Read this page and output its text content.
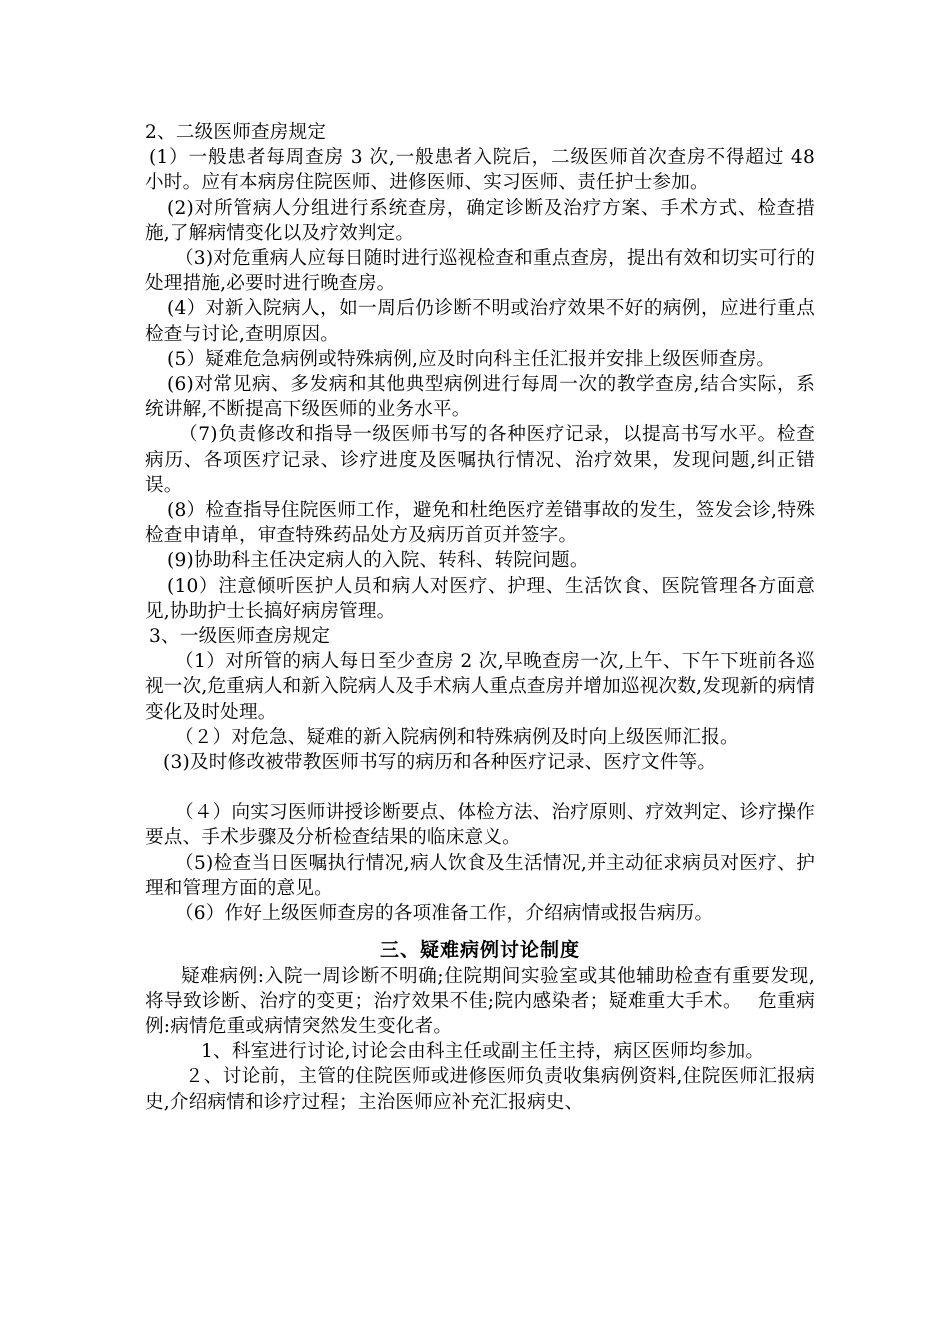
2、二级医师查房规定

(1）一般患者每周查房 3 次,一般患者入院后，二级医师首次查房不得超过 48 小时。应有本病房住院医师、进修医师、实习医师、责任护士参加。

(2)对所管病人分组进行系统查房，确定诊断及治疗方案、手术方式、检查措施,了解病情变化以及疗效判定。

（3)对危重病人应每日随时进行巡视检查和重点查房，提出有效和切实可行的处理措施,必要时进行晚查房。

(4）对新入院病人，如一周后仍诊断不明或治疗效果不好的病例，应进行重点检查与讨论,查明原因。

(5）疑难危急病例或特殊病例,应及时向科主任汇报并安排上级医师查房。

(6)对常见病、多发病和其他典型病例进行每周一次的教学查房,结合实际，系统讲解,不断提高下级医师的业务水平。

（7)负责修改和指导一级医师书写的各种医疗记录，以提高书写水平。检查病历、各项医疗记录、诊疗进度及医嘱执行情况、治疗效果，发现问题,纠正错误。

(8）检查指导住院医师工作，避免和杜绝医疗差错事故的发生，签发会诊,特殊检查申请单，审查特殊药品处方及病历首页并签字。

(9)协助科主任决定病人的入院、转科、转院问题。

(10）注意倾听医护人员和病人对医疗、护理、生活饮食、医院管理各方面意见,协助护士长搞好病房管理。

3、一级医师查房规定

（1）对所管的病人每日至少查房 2 次,早晚查房一次,上午、下午下班前各巡视一次,危重病人和新入院病人及手术病人重点查房并增加巡视次数,发现新的病情变化及时处理。

（２）对危急、疑难的新入院病例和特殊病例及时向上级医师汇报。

(3)及时修改被带教医师书写的病历和各种医疗记录、医疗文件等。

（４）向实习医师讲授诊断要点、体检方法、治疗原则、疗效判定、诊疗操作要点、手术步骤及分析检查结果的临床意义。

（5)检查当日医嘱执行情况,病人饮食及生活情况,并主动征求病员对医疗、护理和管理方面的意见。

（6）作好上级医师查房的各项准备工作，介绍病情或报告病历。

三、疑难病例讨论制度

疑难病例:入院一周诊断不明确;住院期间实验室或其他辅助检查有重要发现,将导致诊断、治疗的变更；治疗效果不佳;院内感染者；疑难重大手术。　 危重病例:病情危重或病情突然发生变化者。

1、科室进行讨论,讨论会由科主任或副主任主持，病区医师均参加。

２、讨论前，主管的住院医师或进修医师负责收集病例资料,住院医师汇报病史,介绍病情和诊疗过程；主治医师应补充汇报病史、
